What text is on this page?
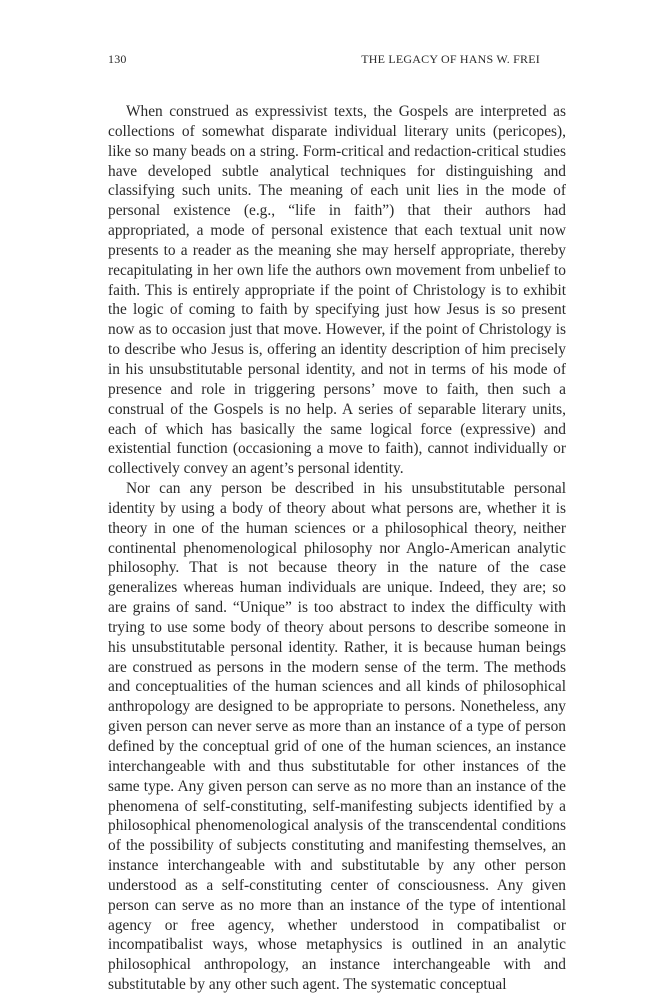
130	THE LEGACY OF HANS W. FREI

When construed as expressivist texts, the Gospels are interpreted as collections of somewhat disparate individual literary units (pericopes), like so many beads on a string. Form-critical and redaction-critical studies have developed subtle analytical techniques for distinguishing and classifying such units. The meaning of each unit lies in the mode of personal existence (e.g., “life in faith”) that their authors had appropriated, a mode of personal existence that each textual unit now presents to a reader as the meaning she may herself appropriate, thereby recapitulating in her own life the authors own movement from unbelief to faith. This is entirely appropriate if the point of Christology is to exhibit the logic of coming to faith by specifying just how Jesus is so present now as to occasion just that move. However, if the point of Christology is to describe who Jesus is, offering an identity description of him precisely in his unsubstitutable personal identity, and not in terms of his mode of presence and role in triggering persons’ move to faith, then such a construal of the Gospels is no help. A series of separable literary units, each of which has basically the same logical force (expressive) and existential function (occasioning a move to faith), cannot individually or collectively convey an agent’s personal identity.

Nor can any person be described in his unsubstitutable personal identity by using a body of theory about what persons are, whether it is theory in one of the human sciences or a philosophical theory, neither continental phenomenological philosophy nor Anglo-American analytic philosophy. That is not because theory in the nature of the case generalizes whereas human individuals are unique. Indeed, they are; so are grains of sand. “Unique” is too abstract to index the difficulty with trying to use some body of theory about persons to describe someone in his unsubstitutable personal identity. Rather, it is because human beings are construed as persons in the modern sense of the term. The methods and conceptualities of the human sciences and all kinds of philosophical anthropology are designed to be appropriate to persons. Nonetheless, any given person can never serve as more than an instance of a type of person defined by the conceptual grid of one of the human sciences, an instance interchangeable with and thus substitutable for other instances of the same type. Any given person can serve as no more than an instance of the phenomena of self-constituting, self-manifesting subjects identified by a philosophical phenomenological analysis of the transcendental conditions of the possibility of subjects constituting and manifesting themselves, an instance interchangeable with and substitutable by any other person understood as a self-constituting center of consciousness. Any given person can serve as no more than an instance of the type of intentional agency or free agency, whether understood in compatibalist or incompatibalist ways, whose metaphysics is outlined in an analytic philosophical anthropology, an instance interchangeable with and substitutable by any other such agent. The systematic conceptual
